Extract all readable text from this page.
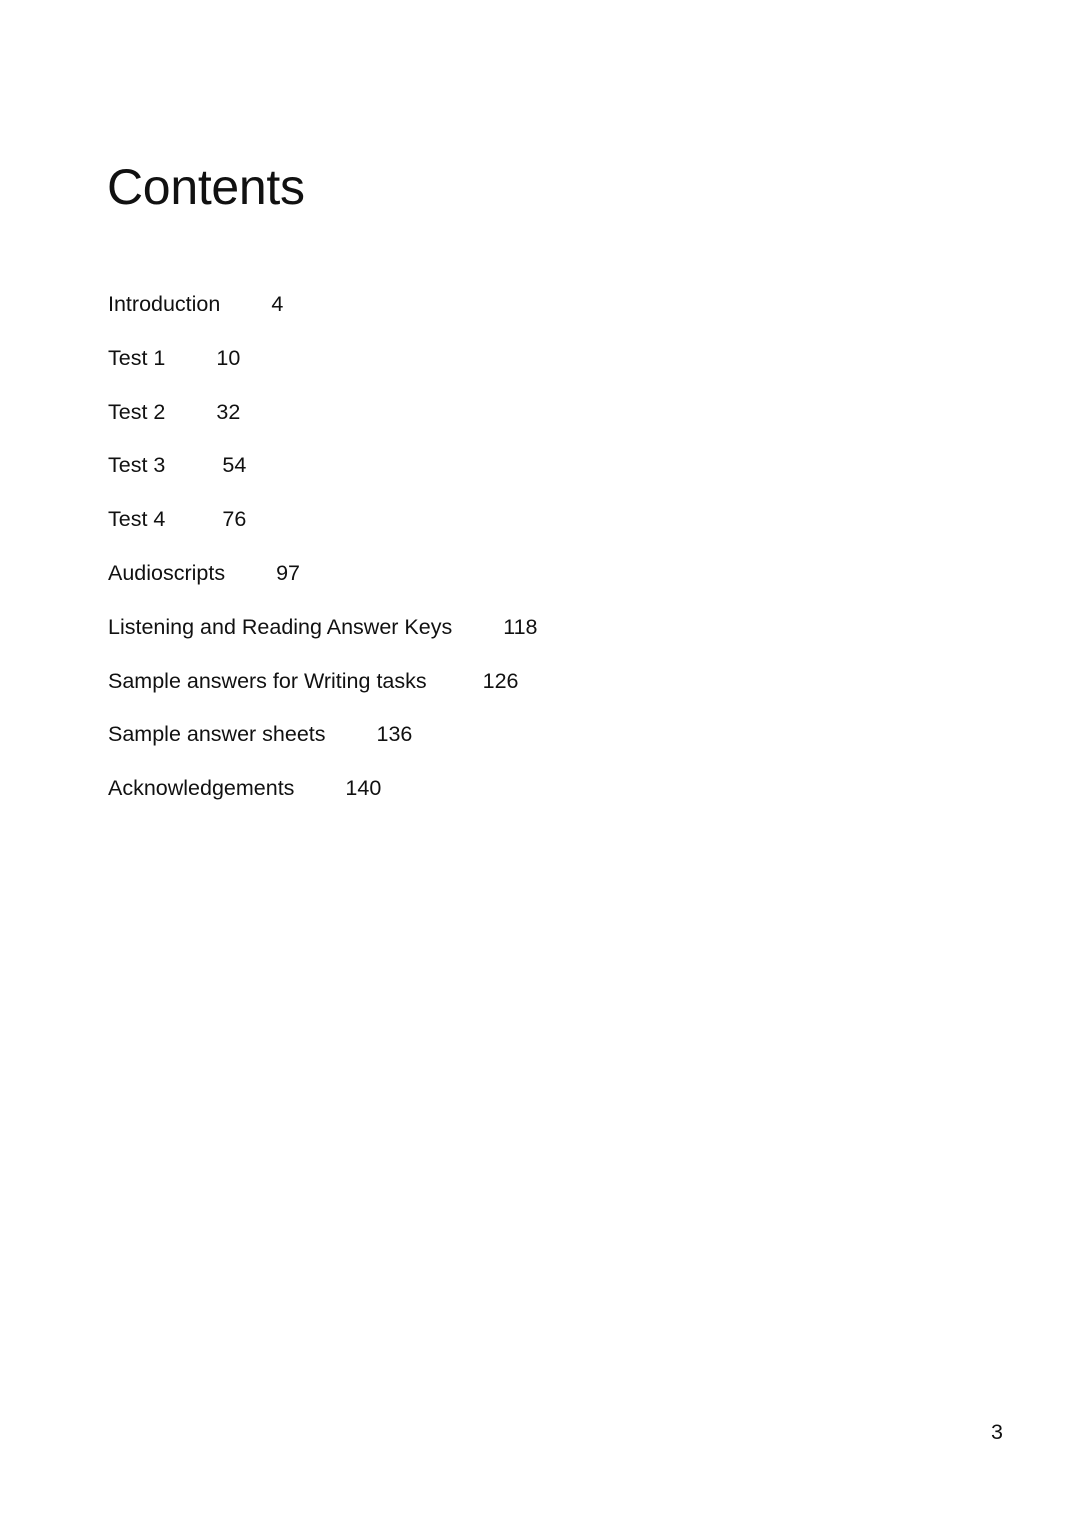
Contents
Introduction 4
Test 1 10
Test 2 32
Test 3	54
Test 4	76
Audioscripts 97
Listening and Reading Answer Keys 118
Sample answers for Writing tasks	126
Sample answer sheets 136
Acknowledgements 140
3
